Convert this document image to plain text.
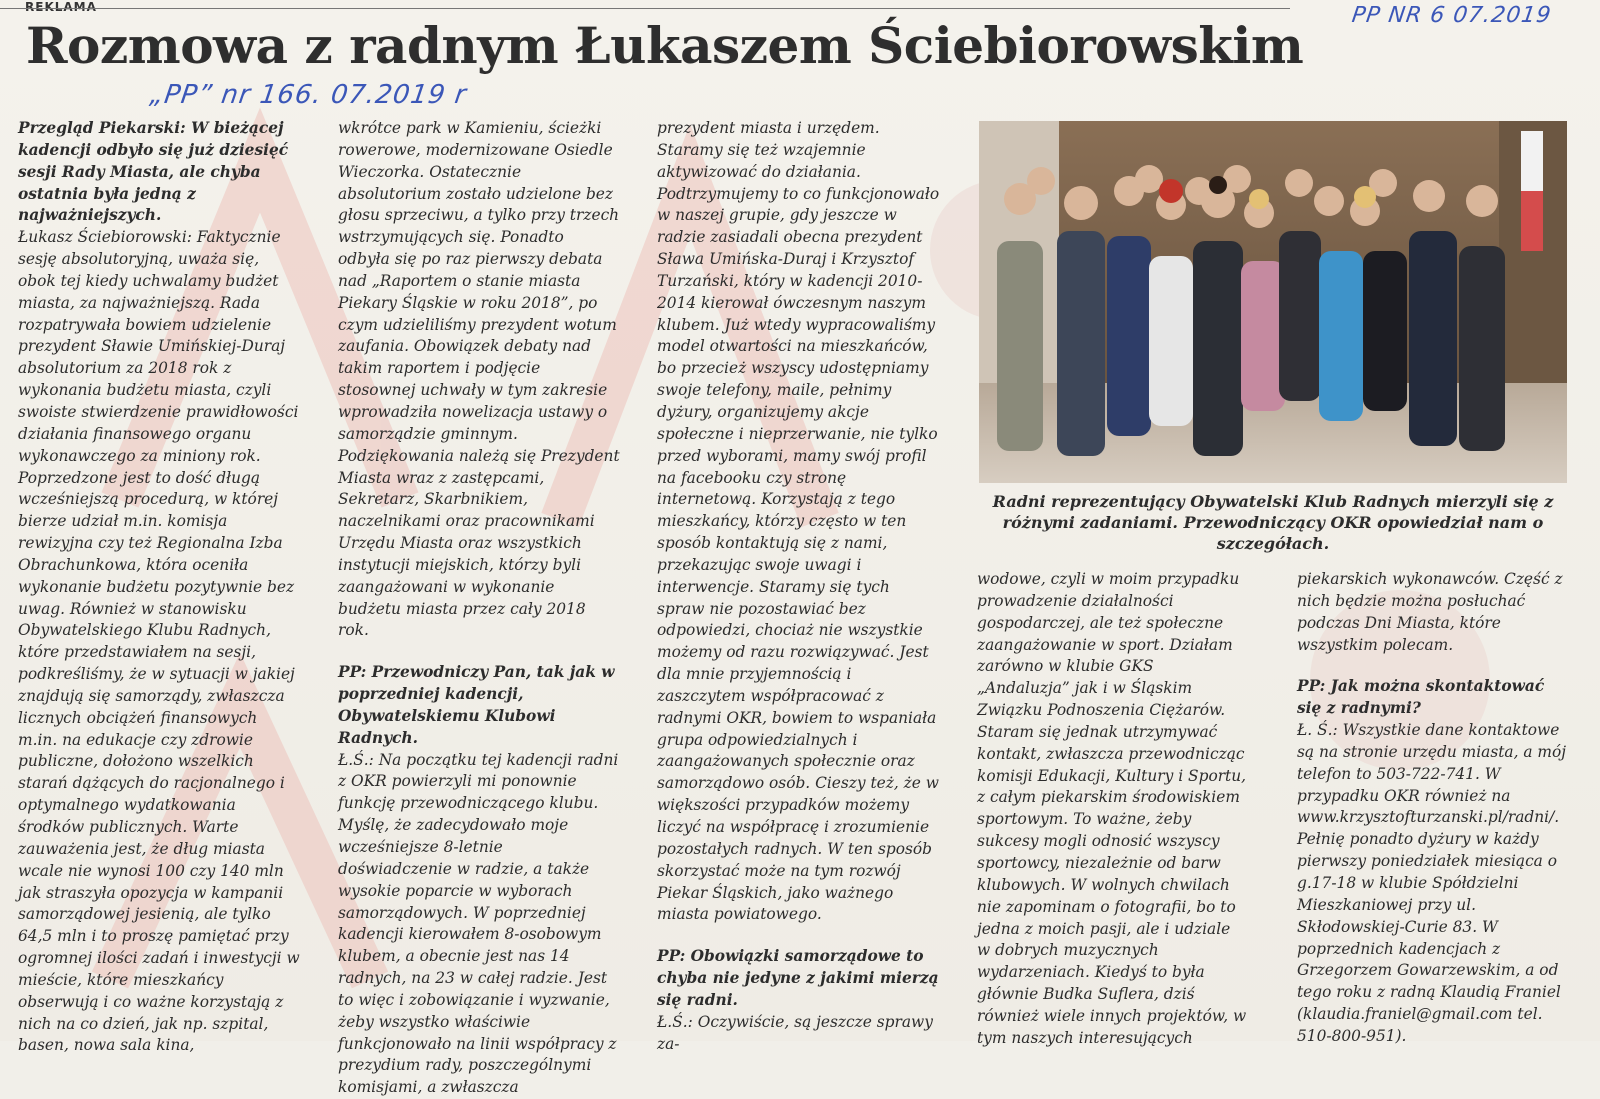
REKLAMA
Rozmowa z radnym Łukaszem Ściebiorowskim
„PP” nr 166. 07.2019 r
PP NR 6 07.2019

Przegląd Piekarski: W bieżącej kadencji odbyło się już dziesięć sesji Rady Miasta, ale chyba ostatnia była jedną z najważniejszych.

Łukasz Ściebiorowski: Faktycznie sesję absolutoryjną, uważa się, obok tej kiedy uchwalamy budżet miasta, za najważniejszą. Rada rozpatrywała bowiem udzielenie prezydent Sławie Umińskiej-Duraj absolutorium za 2018 rok z wykonania budżetu miasta, czyli swoiste stwierdzenie prawidłowości działania finansowego organu wykonawczego za miniony rok. Poprzedzone jest to dość długą wcześniejszą procedurą, w której bierze udział m.in. komisja rewizyjna czy też Regionalna Izba Obrachunkowa, która oceniła wykonanie budżetu pozytywnie bez uwag. Również w stanowisku Obywatelskiego Klubu Radnych, które przedstawiałem na sesji, podkreśliśmy, że w sytuacji w jakiej znajdują się samorządy, zwłaszcza licznych obciążeń finansowych m.in. na edukacje czy zdrowie publiczne, dołożono wszelkich starań dążących do racjonalnego i optymalnego wydatkowania środków publicznych. Warte zauważenia jest, że dług miasta wcale nie wynosi 100 czy 140 mln jak straszyła opozycja w kampanii samorządowej jesienią, ale tylko 64,5 mln i to proszę pamiętać przy ogromnej ilości zadań i inwestycji w mieście, które mieszkańcy obserwują i co ważne korzystają z nich na co dzień, jak np. szpital, basen, nowa sala kina,

wkrótce park w Kamieniu, ścieżki rowerowe, modernizowane Osiedle Wieczorka. Ostatecznie absolutorium zostało udzielone bez głosu sprzeciwu, a tylko przy trzech wstrzymujących się. Ponadto odbyła się po raz pierwszy debata nad „Raportem o stanie miasta Piekary Śląskie w roku 2018”, po czym udzieliliśmy prezydent wotum zaufania. Obowiązek debaty nad takim raportem i podjęcie stosownej uchwały w tym zakresie wprowadziła nowelizacja ustawy o samorządzie gminnym. Podziękowania należą się Prezydent Miasta wraz z zastępcami, Sekretarz, Skarbnikiem, naczelnikami oraz pracownikami Urzędu Miasta oraz wszystkich instytucji miejskich, którzy byli zaangażowani w wykonanie budżetu miasta przez cały 2018 rok.

PP: Przewodniczy Pan, tak jak w poprzedniej kadencji, Obywatelskiemu Klubowi Radnych.

Ł.Ś.: Na początku tej kadencji radni z OKR powierzyli mi ponownie funkcję przewodniczącego klubu. Myślę, że zadecydowało moje wcześniejsze 8-letnie doświadczenie w radzie, a także wysokie poparcie w wyborach samorządowych. W poprzedniej kadencji kierowałem 8-osobowym klubem, a obecnie jest nas 14 radnych, na 23 w całej radzie. Jest to więc i zobowiązanie i wyzwanie, żeby wszystko właściwie funkcjonowało na linii współpracy z prezydium rady, poszczególnymi komisjami, a zwłaszcza

prezydent miasta i urzędem. Staramy się też wzajemnie aktywizować do działania. Podtrzymujemy to co funkcjonowało w naszej grupie, gdy jeszcze w radzie zasiadali obecna prezydent Sława Umińska-Duraj i Krzysztof Turzański, który w kadencji 2010-2014 kierował ówczesnym naszym klubem. Już wtedy wypracowaliśmy model otwartości na mieszkańców, bo przecież wszyscy udostępniamy swoje telefony, maile, pełnimy dyżury, organizujemy akcje społeczne i nieprzerwanie, nie tylko przed wyborami, mamy swój profil na facebooku czy stronę internetową. Korzystają z tego mieszkańcy, którzy często w ten sposób kontaktują się z nami, przekazując swoje uwagi i interwencje. Staramy się tych spraw nie pozostawiać bez odpowiedzi, chociaż nie wszystkie możemy od razu rozwiązywać. Jest dla mnie przyjemnością i zaszczytem współpracować z radnymi OKR, bowiem to wspaniała grupa odpowiedzialnych i zaangażowanych społecznie oraz samorządowo osób. Cieszy też, że w większości przypadków możemy liczyć na współpracę i zrozumienie pozostałych radnych. W ten sposób skorzystać może na tym rozwój Piekar Śląskich, jako ważnego miasta powiatowego.

PP: Obowiązki samorządowe to chyba nie jedyne z jakimi mierzą się radni.

Ł.Ś.: Oczywiście, są jeszcze sprawy za-

wodowe, czyli w moim przypadku prowadzenie działalności gospodarczej, ale też społeczne zaangażowanie w sport. Działam zarówno w klubie GKS „Andaluzja” jak i w Śląskim Związku Podnoszenia Ciężarów. Staram się jednak utrzymywać kontakt, zwłaszcza przewodnicząc komisji Edukacji, Kultury i Sportu, z całym piekarskim środowiskiem sportowym. To ważne, żeby sukcesy mogli odnosić wszyscy sportowcy, niezależnie od barw klubowych. W wolnych chwilach nie zapominam o fotografii, bo to jedna z moich pasji, ale i udziale w dobrych muzycznych wydarzeniach. Kiedyś to była głównie Budka Suflera, dziś również wiele innych projektów, w tym naszych interesujących

piekarskich wykonawców. Część z nich będzie można posłuchać podczas Dni Miasta, które wszystkim polecam.

PP: Jak można skontaktować się z radnymi?

Ł. Ś.: Wszystkie dane kontaktowe są na stronie urzędu miasta, a mój telefon to 503-722-741. W przypadku OKR również na www.krzysztofturzanski.pl/radni/. Pełnię ponadto dyżury w każdy pierwszy poniedziałek miesiąca o g.17-18 w klubie Spółdzielni Mieszkaniowej przy ul. Skłodowskiej-Curie 83. W poprzednich kadencjach z Grzegorzem Gowarzewskim, a od tego roku z radną Klaudią Franiel (klaudia.franiel@gmail.com tel. 510-800-951).

Radni reprezentujący Obywatelski Klub Radnych mierzyli się z różnymi zadaniami. Przewodniczący OKR opowiedział nam o szczegółach.
